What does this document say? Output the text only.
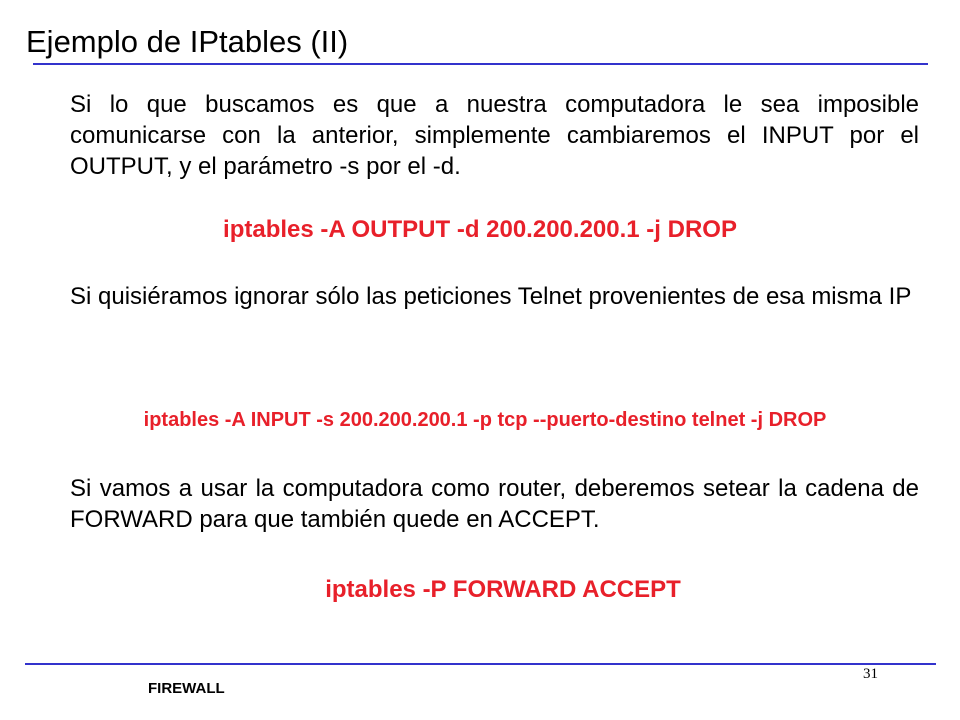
Ejemplo de IPtables (II)
Si lo que buscamos es que a nuestra computadora le sea imposible comunicarse con la anterior, simplemente cambiaremos el INPUT por el OUTPUT, y el parámetro -s por el -d.
iptables -A OUTPUT -d 200.200.200.1 -j DROP
Si quisiéramos ignorar sólo las peticiones Telnet provenientes de esa misma IP
iptables -A INPUT -s 200.200.200.1 -p tcp --puerto-destino telnet -j DROP
Si vamos a usar la computadora como router, deberemos setear la cadena de FORWARD para que también quede en ACCEPT.
iptables -P FORWARD ACCEPT
31
FIREWALL
